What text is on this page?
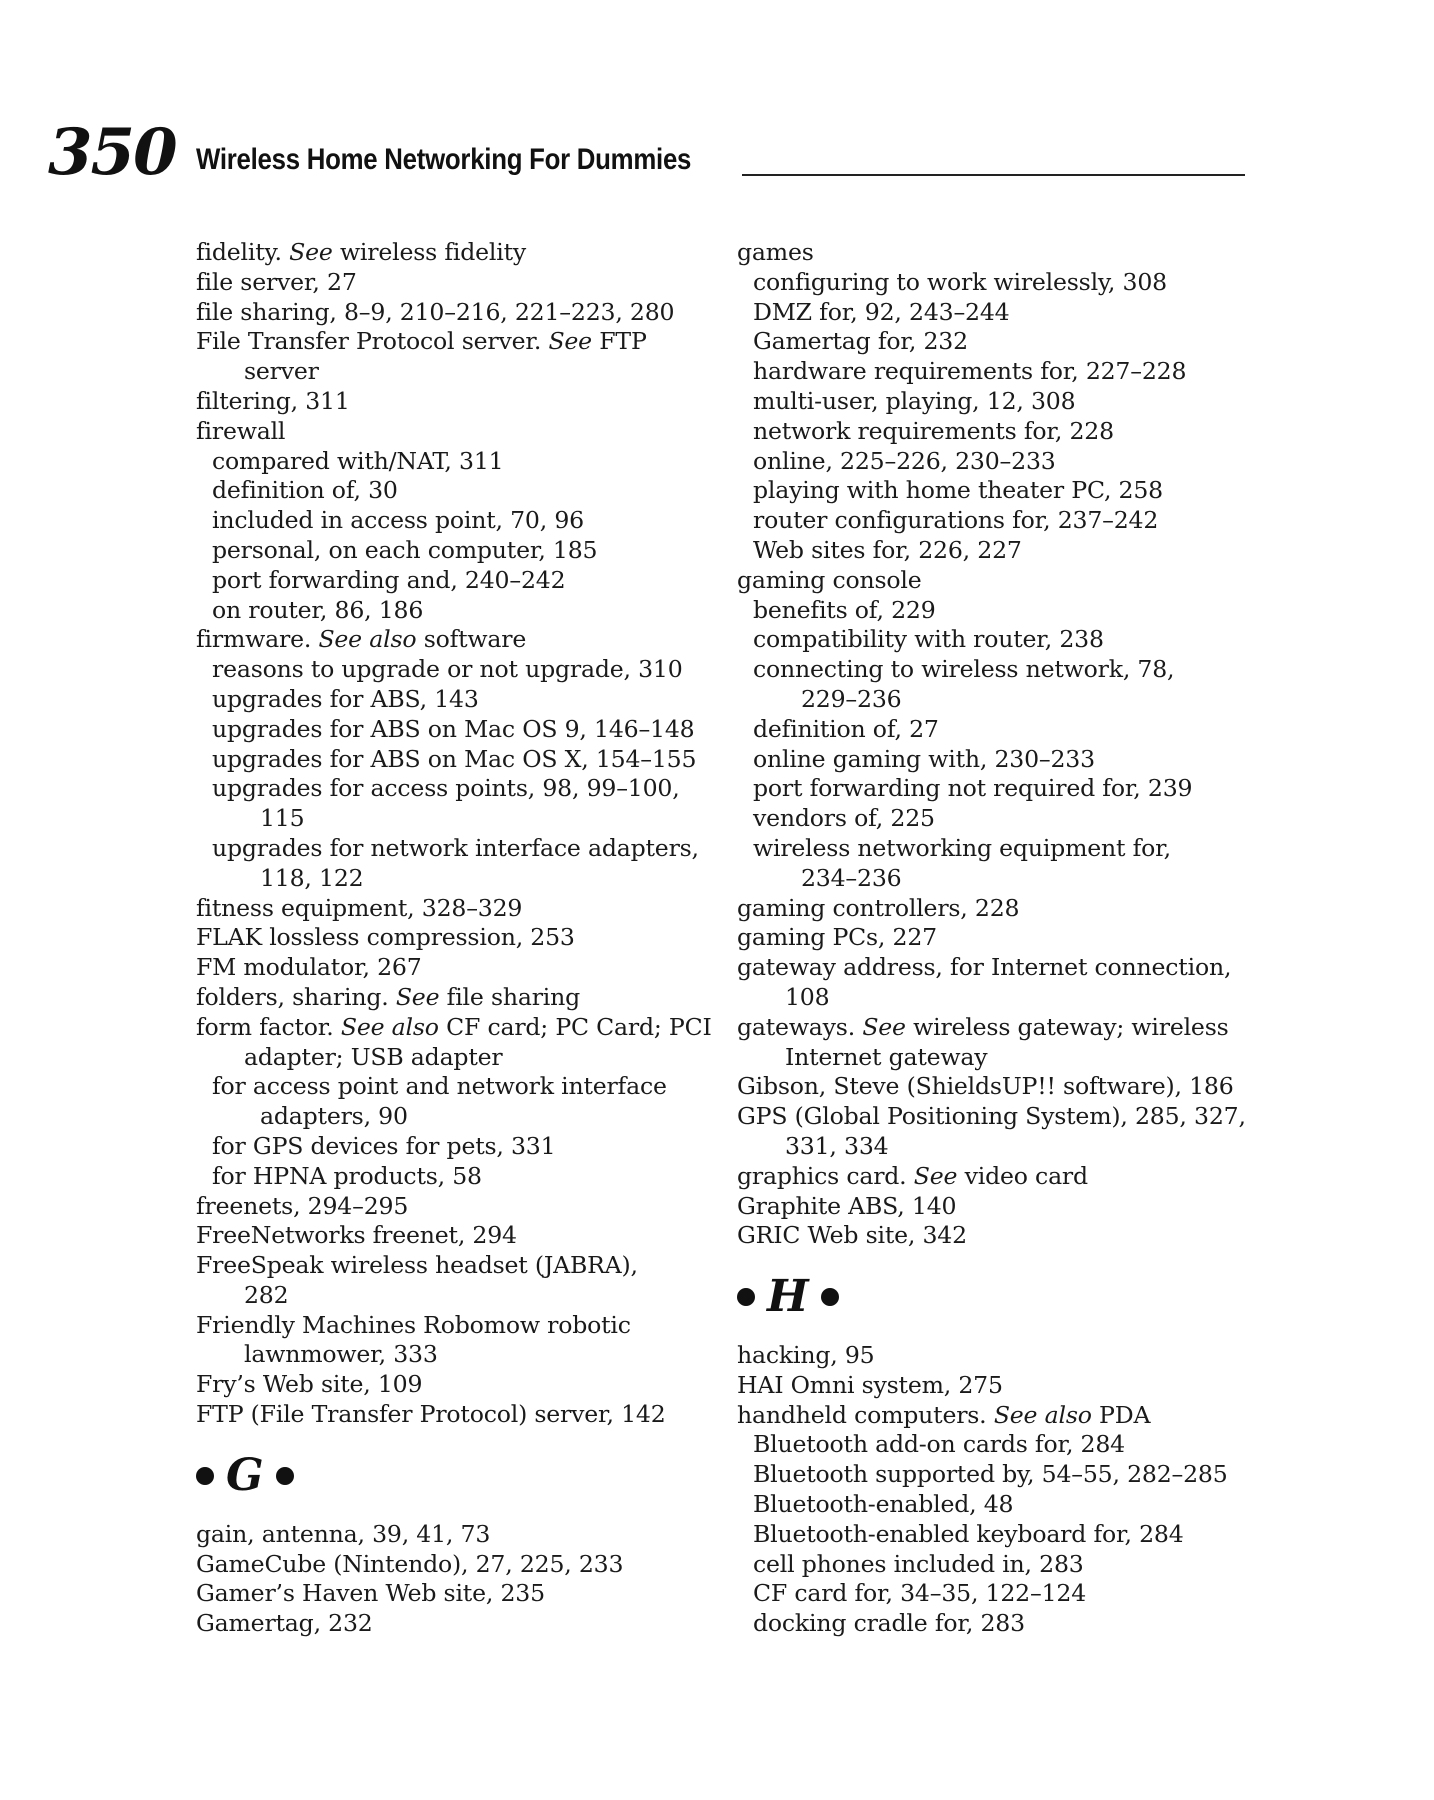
350 Wireless Home Networking For Dummies
fidelity. See wireless fidelity
file server, 27
file sharing, 8–9, 210–216, 221–223, 280
File Transfer Protocol server. See FTP
server
filtering, 311
firewall
compared with/NAT, 311
definition of, 30
included in access point, 70, 96
personal, on each computer, 185
port forwarding and, 240–242
on router, 86, 186
firmware. See also software
reasons to upgrade or not upgrade, 310
upgrades for ABS, 143
upgrades for ABS on Mac OS 9, 146–148
upgrades for ABS on Mac OS X, 154–155
upgrades for access points, 98, 99–100,
115
upgrades for network interface adapters,
118, 122
fitness equipment, 328–329
FLAK lossless compression, 253
FM modulator, 267
folders, sharing. See file sharing
form factor. See also CF card; PC Card; PCI
adapter; USB adapter
for access point and network interface
adapters, 90
for GPS devices for pets, 331
for HPNA products, 58
freenets, 294–295
FreeNetworks freenet, 294
FreeSpeak wireless headset (JABRA),
282
Friendly Machines Robomow robotic
lawnmower, 333
Fry’s Web site, 109
FTP (File Transfer Protocol) server, 142
G
gain, antenna, 39, 41, 73
GameCube (Nintendo), 27, 225, 233
Gamer’s Haven Web site, 235
Gamertag, 232
games
configuring to work wirelessly, 308
DMZ for, 92, 243–244
Gamertag for, 232
hardware requirements for, 227–228
multi-user, playing, 12, 308
network requirements for, 228
online, 225–226, 230–233
playing with home theater PC, 258
router configurations for, 237–242
Web sites for, 226, 227
gaming console
benefits of, 229
compatibility with router, 238
connecting to wireless network, 78,
229–236
definition of, 27
online gaming with, 230–233
port forwarding not required for, 239
vendors of, 225
wireless networking equipment for,
234–236
gaming controllers, 228
gaming PCs, 227
gateway address, for Internet connection,
108
gateways. See wireless gateway; wireless
Internet gateway
Gibson, Steve (ShieldsUP!! software), 186
GPS (Global Positioning System), 285, 327,
331, 334
graphics card. See video card
Graphite ABS, 140
GRIC Web site, 342
H
hacking, 95
HAI Omni system, 275
handheld computers. See also PDA
Bluetooth add-on cards for, 284
Bluetooth supported by, 54–55, 282–285
Bluetooth-enabled, 48
Bluetooth-enabled keyboard for, 284
cell phones included in, 283
CF card for, 34–35, 122–124
docking cradle for, 283
